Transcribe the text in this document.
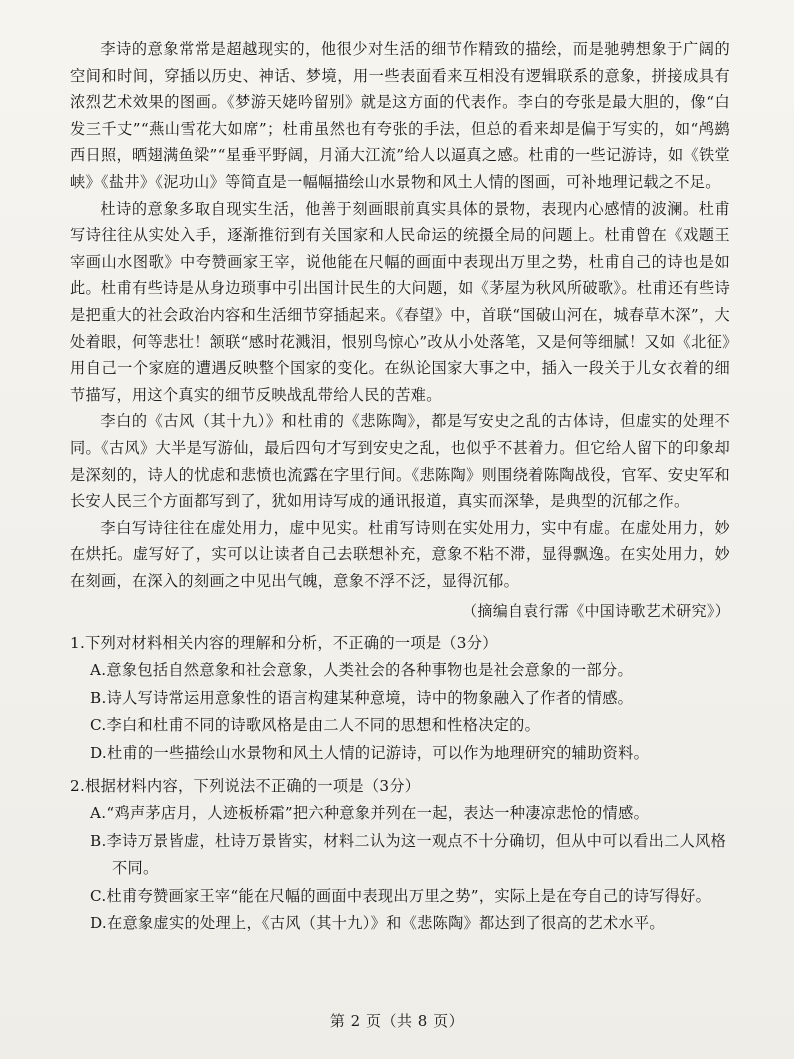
李诗的意象常常是超越现实的，他很少对生活的细节作精致的描绘，而是驰骋想象于广阔的空间和时间，穿插以历史、神话、梦境，用一些表面看来互相没有逻辑联系的意象，拼接成具有浓烈艺术效果的图画。《梦游天姥吟留别》就是这方面的代表作。李白的夸张是最大胆的，像“白发三千丈”“燕山雪花大如席”；杜甫虽然也有夸张的手法，但总的看来却是偏于写实的，如“鸬鹚西日照，晒翅满鱼梁”“星垂平野阔，月涌大江流”给人以逼真之感。杜甫的一些记游诗，如《铁堂峡》《盐井》《泥功山》等简直是一幅幅描绘山水景物和风土人情的图画，可补地理记载之不足。

杜诗的意象多取自现实生活，他善于刻画眼前真实具体的景物，表现内心感情的波澜。杜甫写诗往往从实处入手，逐渐推衍到有关国家和人民命运的统摄全局的问题上。杜甫曾在《戏题王宰画山水图歌》中夸赞画家王宰，说他能在尺幅的画面中表现出万里之势，杜甫自己的诗也是如此。杜甫有些诗是从身边琐事中引出国计民生的大问题，如《茅屋为秋风所破歌》。杜甫还有些诗是把重大的社会政治内容和生活细节穿插起来。《春望》中，首联“国破山河在，城春草木深”，大处着眼，何等悲壮！颔联“感时花溅泪，恨别鸟惊心”改从小处落笔，又是何等细腻！又如《北征》用自己一个家庭的遭遇反映整个国家的变化。在纵论国家大事之中，插入一段关于儿女衣着的细节描写，用这个真实的细节反映战乱带给人民的苦难。

李白的《古风（其十九）》和杜甫的《悲陈陶》，都是写安史之乱的古体诗，但虚实的处理不同。《古风》大半是写游仙，最后四句才写到安史之乱，也似乎不甚着力。但它给人留下的印象却是深刻的，诗人的忧虑和悲愤也流露在字里行间。《悲陈陶》则围绕着陈陶战役，官军、安史军和长安人民三个方面都写到了，犹如用诗写成的通讯报道，真实而深挚，是典型的沉郁之作。

李白写诗往往在虚处用力，虚中见实。杜甫写诗则在实处用力，实中有虚。在虚处用力，妙在烘托。虚写好了，实可以让读者自己去联想补充，意象不粘不滞，显得飘逸。在实处用力，妙在刻画，在深入的刻画之中见出气魄，意象不浮不泛，显得沉郁。

（摘编自袁行霈《中国诗歌艺术研究》）

1.下列对材料相关内容的理解和分析，不正确的一项是（3分）

A.意象包括自然意象和社会意象，人类社会的各种事物也是社会意象的一部分。

B.诗人写诗常运用意象性的语言构建某种意境，诗中的物象融入了作者的情感。

C.李白和杜甫不同的诗歌风格是由二人不同的思想和性格决定的。

D.杜甫的一些描绘山水景物和风土人情的记游诗，可以作为地理研究的辅助资料。

2.根据材料内容，下列说法不正确的一项是（3分）

A.“鸡声茅店月，人迹板桥霜”把六种意象并列在一起，表达一种凄凉悲怆的情感。

B.李诗万景皆虚，杜诗万景皆实，材料二认为这一观点不十分确切，但从中可以看出二人风格
不同。

C.杜甫夸赞画家王宰“能在尺幅的画面中表现出万里之势”，实际上是在夸自己的诗写得好。

D.在意象虚实的处理上，《古风（其十九）》和《悲陈陶》都达到了很高的艺术水平。

第 2 页（共 8 页）
